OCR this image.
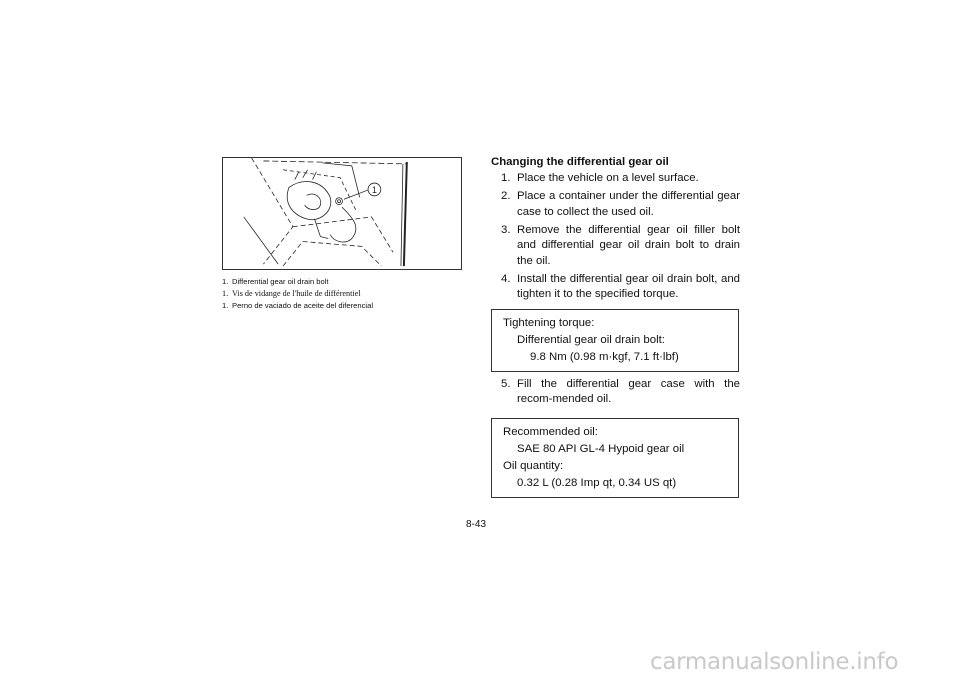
1
1. Differential gear oil drain bolt
1. Vis de vidange de l'huile de différentiel
1. Perno de vaciado de aceite del diferencial

Changing the differential gear oil

1. Place the vehicle on a level surface.
2. Place a container under the differential gear case to collect the used oil.
3. Remove the differential gear oil filler bolt and differential gear oil drain bolt to drain the oil.
4. Install the differential gear oil drain bolt, and tighten it to the specified torque.
Tightening torque:
Differential gear oil drain bolt:
9.8 Nm (0.98 m·kgf, 7.1 ft·lbf)
5. Fill the differential gear case with the recom-mended oil.
Recommended oil:
SAE 80 API GL-4 Hypoid gear oil
Oil quantity:
0.32 L (0.28 Imp qt, 0.34 US qt)
8-43
carmanualsonline.info
